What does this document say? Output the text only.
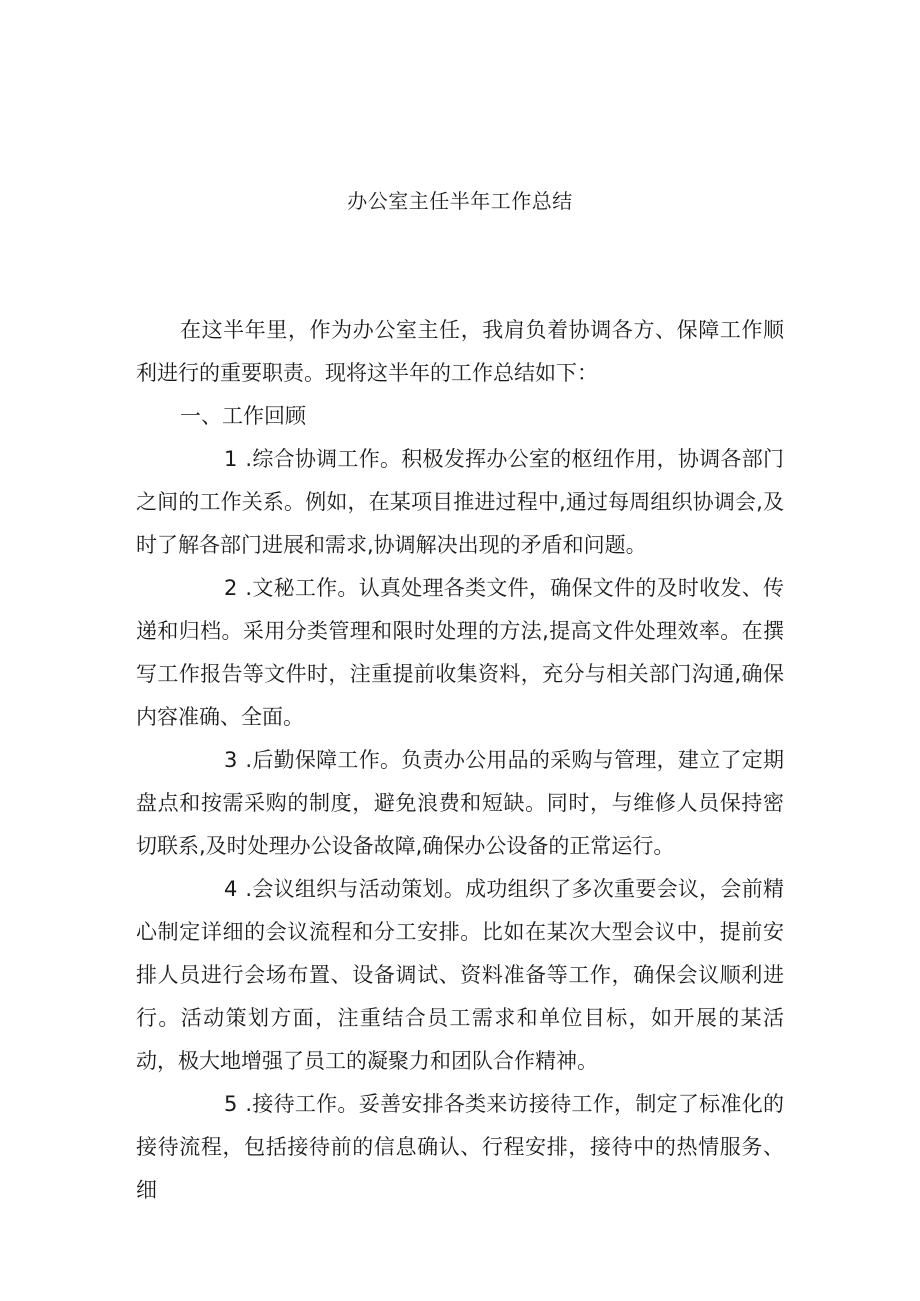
办公室主任半年工作总结

在这半年里，作为办公室主任，我肩负着协调各方、保障工作顺利进行的重要职责。现将这半年的工作总结如下：

一、工作回顾

1 .综合协调工作。积极发挥办公室的枢纽作用，协调各部门之间的工作关系。例如，在某项目推进过程中,通过每周组织协调会,及时了解各部门进展和需求,协调解决出现的矛盾和问题。

2 .文秘工作。认真处理各类文件，确保文件的及时收发、传递和归档。采用分类管理和限时处理的方法,提高文件处理效率。在撰写工作报告等文件时，注重提前收集资料，充分与相关部门沟通,确保内容准确、全面。

3 .后勤保障工作。负责办公用品的采购与管理，建立了定期盘点和按需采购的制度，避免浪费和短缺。同时，与维修人员保持密切联系,及时处理办公设备故障,确保办公设备的正常运行。

4 .会议组织与活动策划。成功组织了多次重要会议，会前精心制定详细的会议流程和分工安排。比如在某次大型会议中，提前安排人员进行会场布置、设备调试、资料准备等工作，确保会议顺利进行。活动策划方面，注重结合员工需求和单位目标，如开展的某活动，极大地增强了员工的凝聚力和团队合作精神。

5 .接待工作。妥善安排各类来访接待工作，制定了标准化的接待流程，包括接待前的信息确认、行程安排，接待中的热情服务、细
